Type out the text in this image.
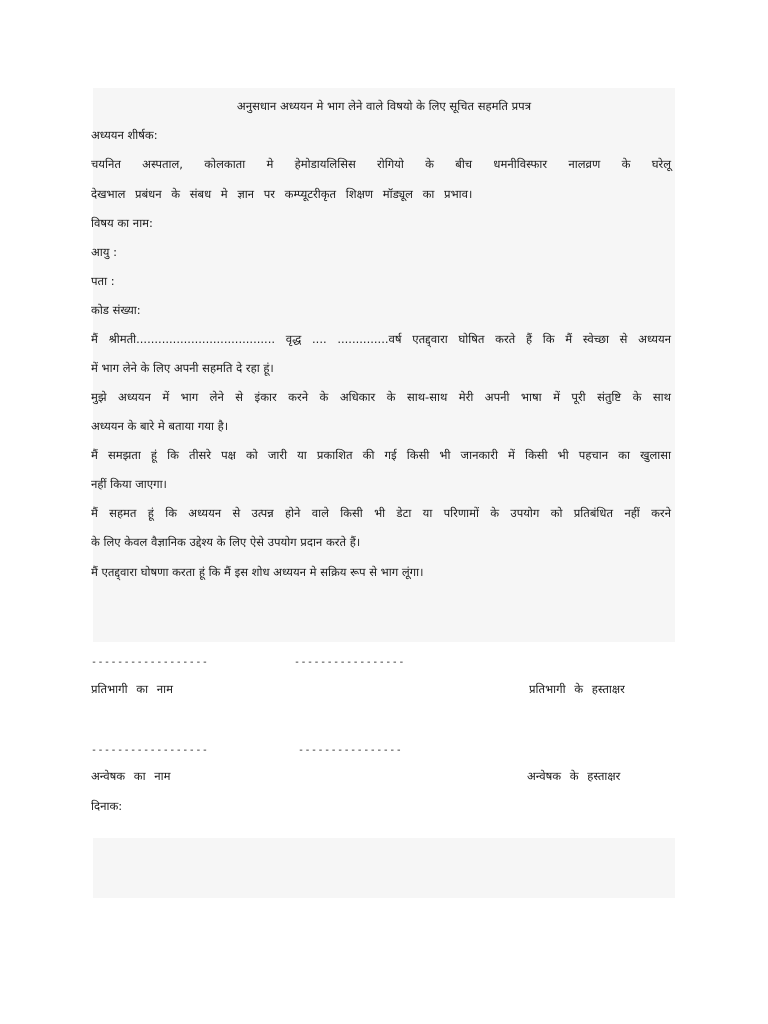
अनुसधान अध्ययन मे भाग लेने वाले विषयो के लिए सूचित सहमति प्रपत्र
अध्ययन शीर्षक:
चयनित अस्पताल, कोलकाता मे हेमोडायलिसिस रोगियो के बीच धमनीविस्फार नालव्रण के घरेलू
देखभाल प्रबंधन के संबध मे ज्ञान पर कम्प्यूटरीकृत शिक्षण मॉड्यूल का प्रभाव।
विषय का नाम:
आयु :
पता :
कोड संख्या:
मैं श्रीमती...................................... वृद्ध .... ..............वर्ष एतद्द्वारा घोषित करते हैं कि मैं स्वेच्छा से अध्ययन
में भाग लेने के लिए अपनी सहमति दे रहा हूं।
मुझे अध्ययन में भाग लेने से इंकार करने के अधिकार के साथ-साथ मेरी अपनी भाषा में पूरी संतुष्टि के साथ
अध्ययन के बारे मे बताया गया है।
मैं समझता हूं कि तीसरे पक्ष को जारी या प्रकाशित की गई किसी भी जानकारी में किसी भी पहचान का खुलासा
नहीं किया जाएगा।
मैं सहमत हूं कि अध्ययन से उत्पन्न होने वाले किसी भी डेटा या परिणामों के उपयोग को प्रतिबंधित नहीं करने
के लिए केवल वैज्ञानिक उद्देश्य के लिए ऐसे उपयोग प्रदान करते हैं।
मैं एतद्द्वारा घोषणा करता हूं कि मैं इस शोध अध्ययन मे सक्रिय रूप से भाग लूंगा।
------------------	-----------------
प्रतिभागी का नाम	प्रतिभागी के हस्ताक्षर
------------------	----------------
अन्वेषक का नाम	अन्वेषक के हस्ताक्षर
दिनाक:
